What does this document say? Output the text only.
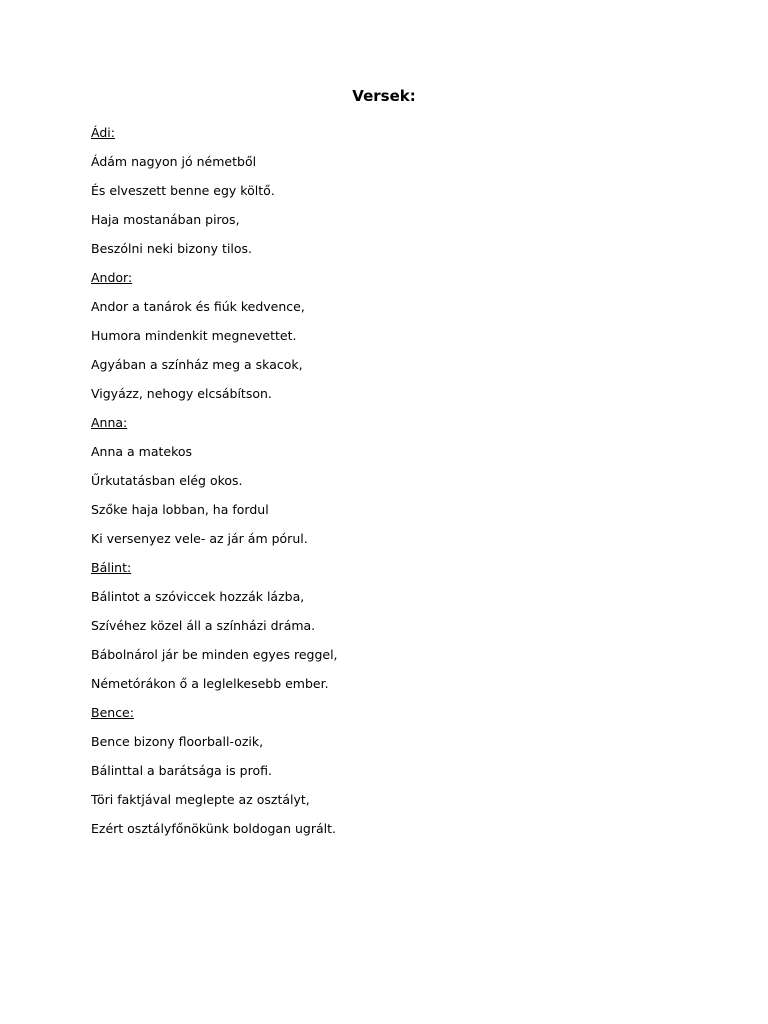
Versek:
Ádi:
Ádám nagyon jó németből
És elveszett benne egy költő.
Haja mostanában piros,
Beszólni neki bizony tilos.
Andor:
Andor a tanárok és fiúk kedvence,
Humora mindenkit megnevettet.
Agyában a színház meg a skacok,
Vigyázz, nehogy elcsábítson.
Anna:
Anna a matekos
Űrkutatásban elég okos.
Szőke haja lobban, ha fordul
Ki versenyez vele- az jár ám pórul.
Bálint:
Bálintot a szóviccek hozzák lázba,
Szívéhez közel áll a színházi dráma.
Bábolnárol jár be minden egyes reggel,
Németórákon ő a leglelkesebb ember.
Bence:
Bence bizony floorball-ozik,
Bálinttal a barátsága is profi.
Töri faktjával meglepte az osztályt,
Ezért osztályfőnökünk boldogan ugrált.
